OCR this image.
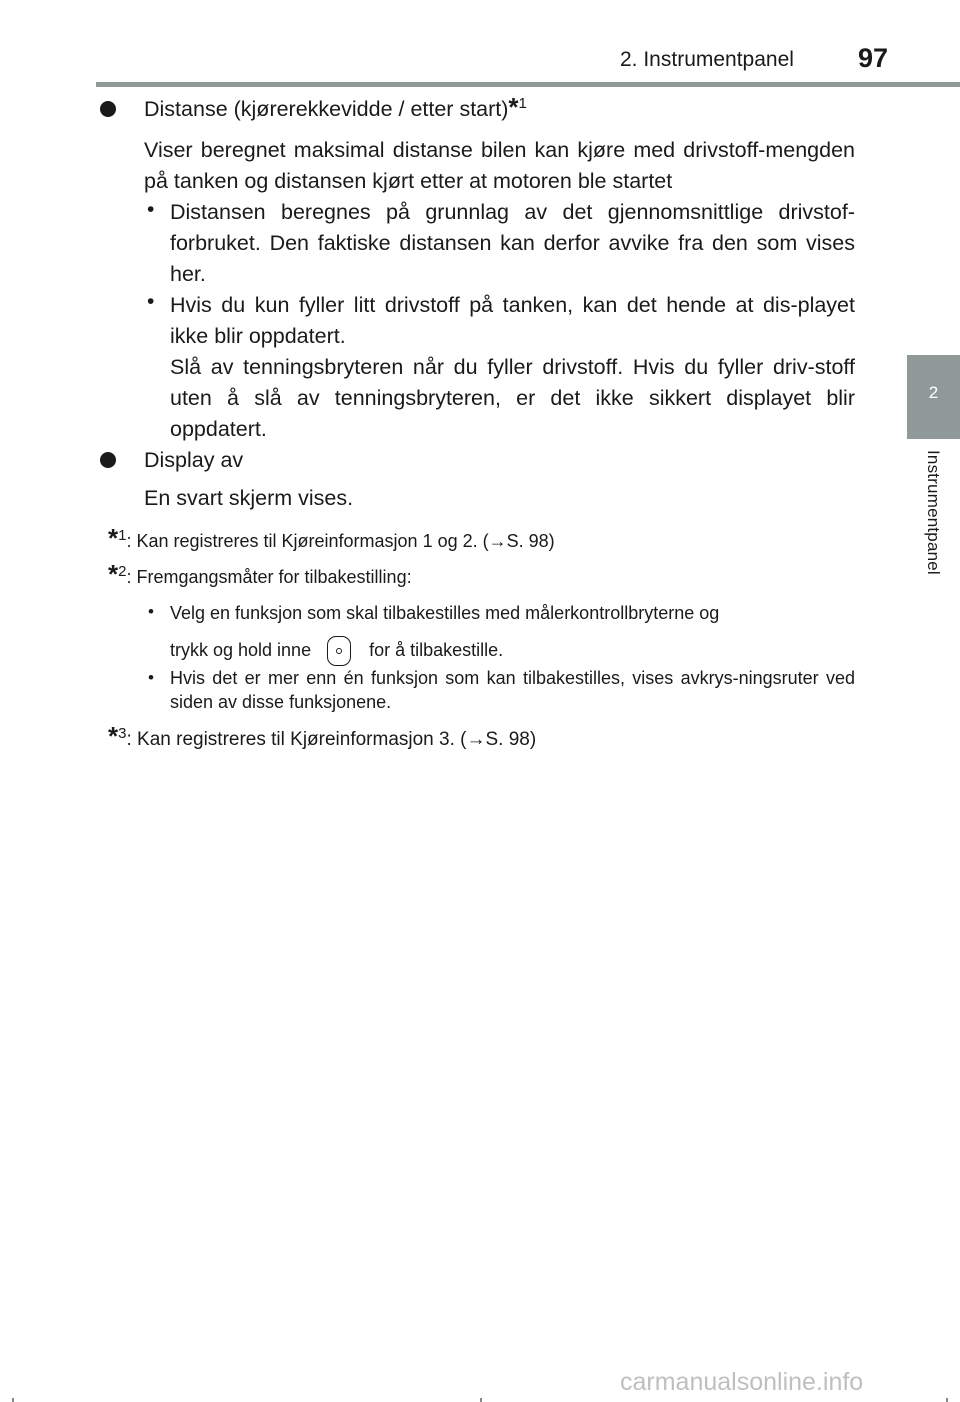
2. Instrumentpanel 97
2
Instrumentpanel
Distanse (kjørerekkevidde / etter start)*$^1$
Viser beregnet maksimal distanse bilen kan kjøre med drivstoff-mengden på tanken og distansen kjørt etter at motoren ble startet
• Distansen beregnes på grunnlag av det gjennomsnittlige drivstof-forbruket. Den faktiske distansen kan derfor avvike fra den som vises her.
• Hvis du kun fyller litt drivstoff på tanken, kan det hende at dis-playet ikke blir oppdatert.
Slå av tenningsbryteren når du fyller drivstoff. Hvis du fyller driv-stoff uten å slå av tenningsbryteren, er det ikke sikkert displayet blir oppdatert.
Display av
En svart skjerm vises.
*$^1$: Kan registreres til Kjøreinformasjon 1 og 2. (→S. 98)
*$^2$: Fremgangsmåter for tilbakestilling:
• Velg en funksjon som skal tilbakestilles med målerkontrollbryterne og
trykk og hold inne	for å tilbakestille.
• Hvis det er mer enn én funksjon som kan tilbakestilles, vises avkrys-ningsruter ved siden av disse funksjonene.
*$^3$: Kan registreres til Kjøreinformasjon 3. (→S. 98)
carmanualsonline.info
